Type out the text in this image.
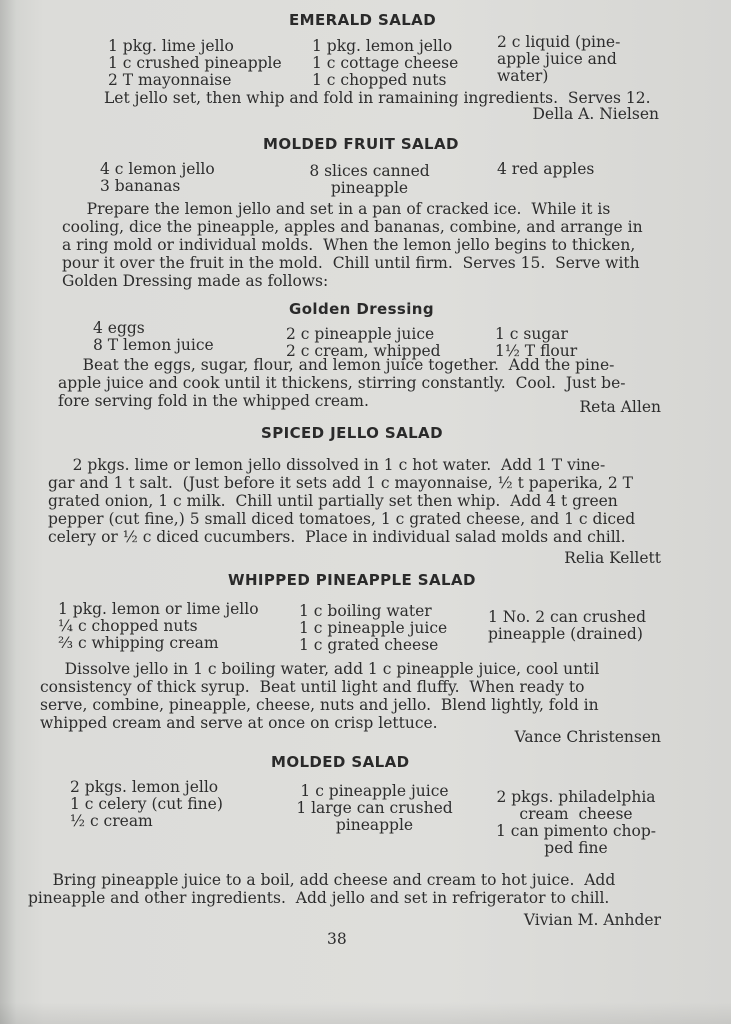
EMERALD SALAD
1 pkg. lime jello
1 c crushed pineapple
2 T mayonnaise
1 pkg. lemon jello
1 c cottage cheese
1 c chopped nuts
2 c liquid (pine-
apple juice and
water)
Let jello set, then whip and fold in ramaining ingredients.  Serves 12.
Della A. Nielsen
MOLDED FRUIT SALAD
4 c lemon jello
3 bananas
8 slices canned
pineapple
4 red apples
Prepare the lemon jello and set in a pan of cracked ice.  While it is
cooling, dice the pineapple, apples and bananas, combine, and arrange in
a ring mold or individual molds.  When the lemon jello begins to thicken,
pour it over the fruit in the mold.  Chill until firm.  Serves 15.  Serve with
Golden Dressing made as follows:
Golden Dressing
4 eggs
8 T lemon juice
2 c pineapple juice
2 c cream, whipped
1 c sugar
1½ T flour
Beat the eggs, sugar, flour, and lemon juice together.  Add the pine-
apple juice and cook until it thickens, stirring constantly.  Cool.  Just be-
fore serving fold in the whipped cream.	Reta Allen
SPICED JELLO SALAD
2 pkgs. lime or lemon jello dissolved in 1 c hot water.  Add 1 T vine-
gar and 1 t salt.  (Just before it sets add 1 c mayonnaise, ½ t paperika, 2 T
grated onion, 1 c milk.  Chill until partially set then whip.  Add 4 t green
pepper (cut fine,) 5 small diced tomatoes, 1 c grated cheese, and 1 c diced
celery or ½ c diced cucumbers.  Place in individual salad molds and chill.
Relia Kellett
WHIPPED PINEAPPLE SALAD
1 pkg. lemon or lime jello
¼ c chopped nuts
⅔ c whipping cream
1 c boiling water
1 c pineapple juice
1 c grated cheese
1 No. 2 can crushed
pineapple (drained)
Dissolve jello in 1 c boiling water, add 1 c pineapple juice, cool until
consistency of thick syrup.  Beat until light and fluffy.  When ready to
serve, combine, pineapple, cheese, nuts and jello.  Blend lightly, fold in
whipped cream and serve at once on crisp lettuce.
Vance Christensen
MOLDED SALAD
2 pkgs. lemon jello
1 c celery (cut fine)
½ c cream
1 c pineapple juice
1 large can crushed
pineapple
2 pkgs. philadelphia
cream  cheese
1 can pimento chop-
ped fine
Bring pineapple juice to a boil, add cheese and cream to hot juice.  Add
pineapple and other ingredients.  Add jello and set in refrigerator to chill.
Vivian M. Anhder
38
